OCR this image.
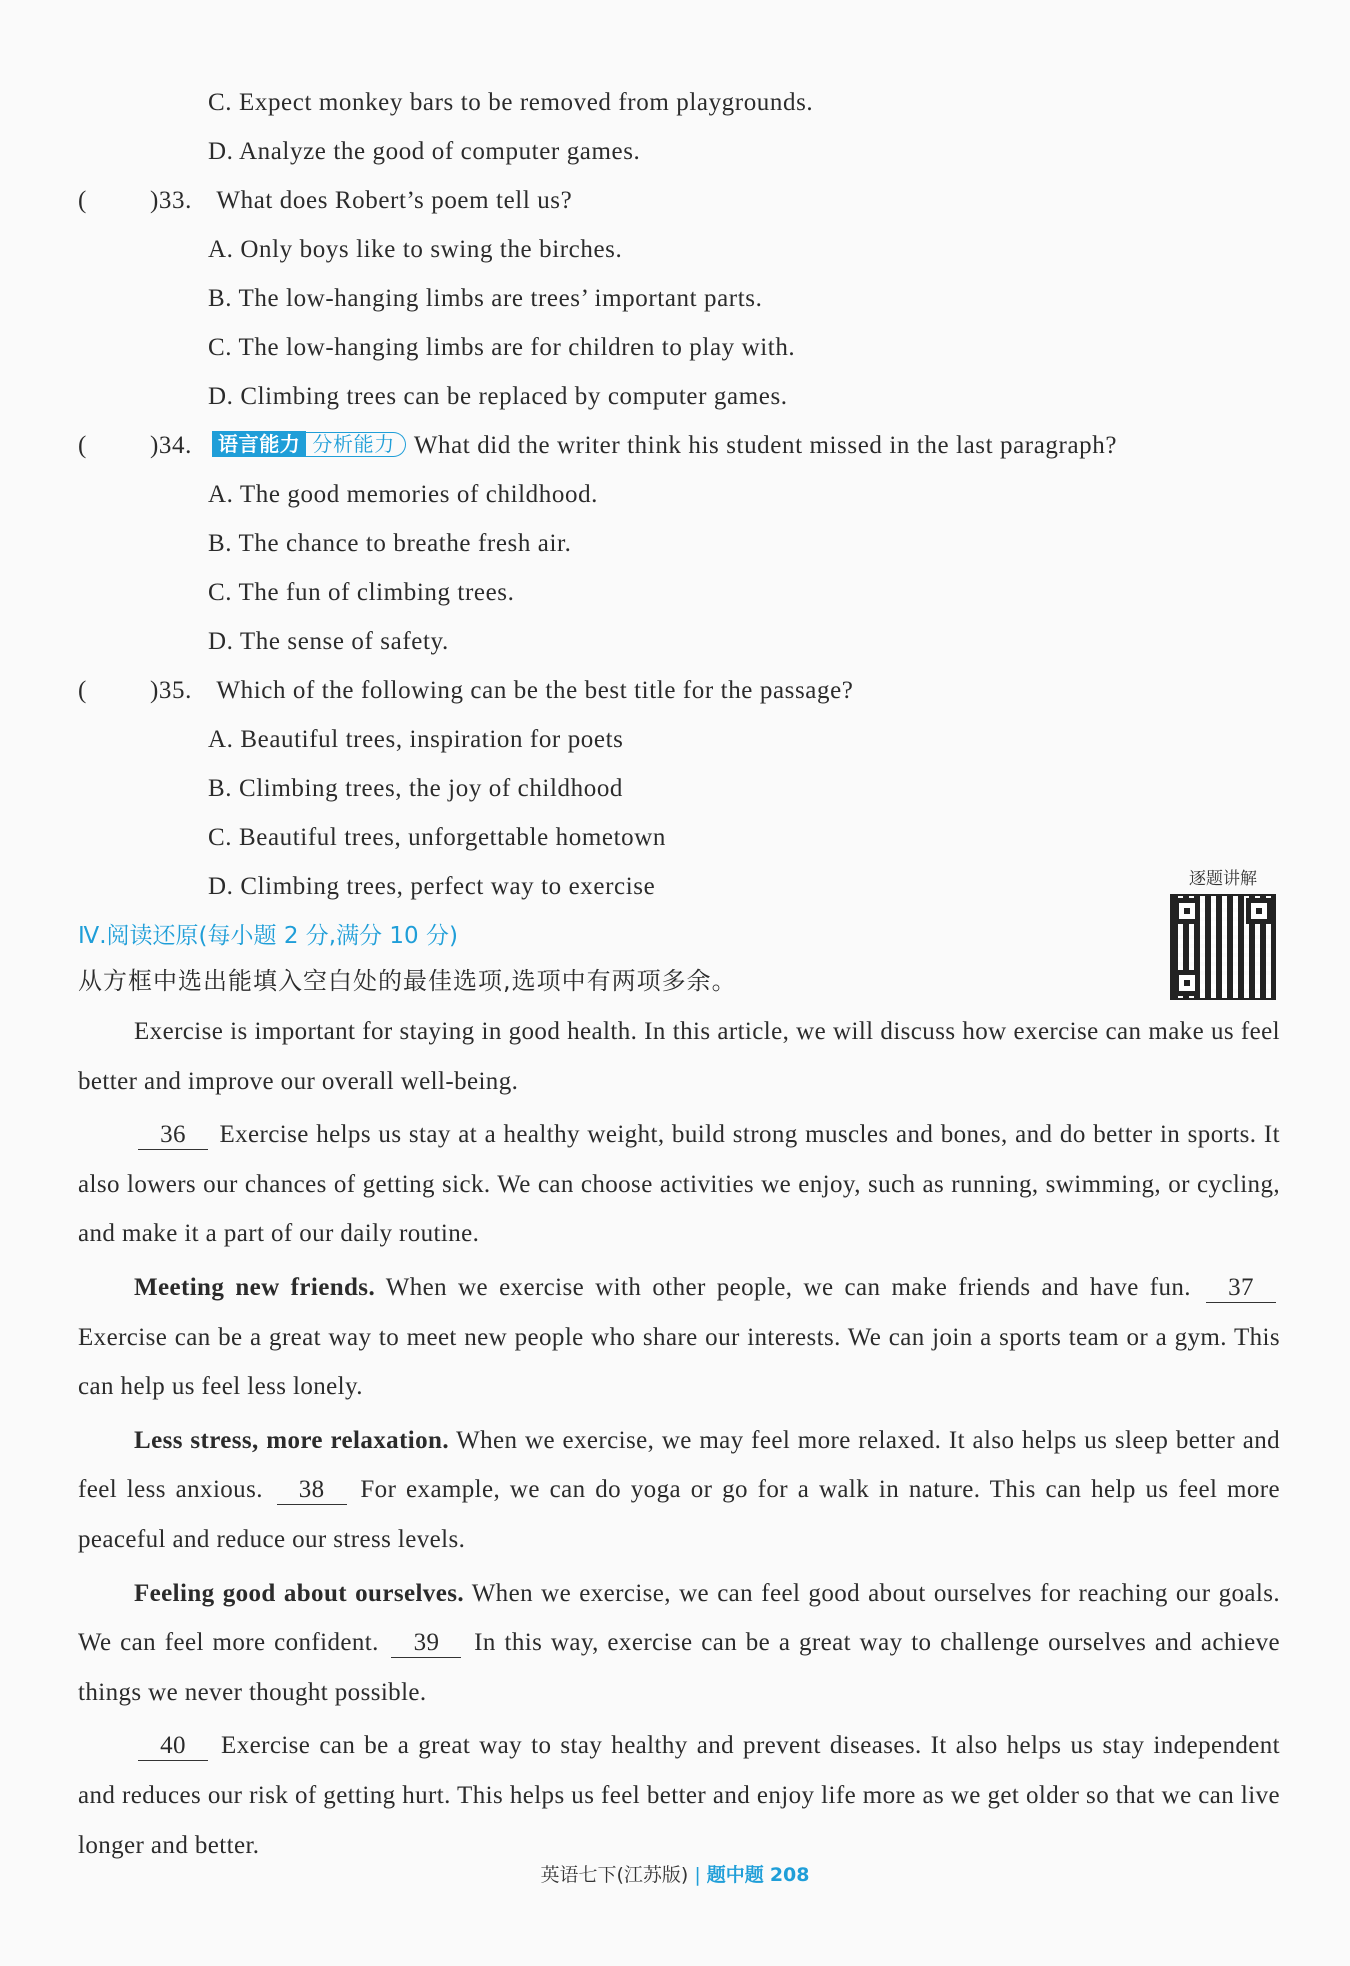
C. Expect monkey bars to be removed from playgrounds.
D. Analyze the good of computer games.
(	)33. What does Robert’s poem tell us?
A. Only boys like to swing the birches.
B. The low-hanging limbs are trees’ important parts.
C. The low-hanging limbs are for children to play with.
D. Climbing trees can be replaced by computer games.
(	)34. 语言能力 分析能力 What did the writer think his student missed in the last paragraph?
A. The good memories of childhood.
B. The chance to breathe fresh air.
C. The fun of climbing trees.
D. The sense of safety.
(	)35. Which of the following can be the best title for the passage?
A. Beautiful trees, inspiration for poets
B. Climbing trees, the joy of childhood
C. Beautiful trees, unforgettable hometown
D. Climbing trees, perfect way to exercise
Ⅳ.阅读还原(每小题 2 分,满分 10 分)
从方框中选出能填入空白处的最佳选项,选项中有两项多余。

Exercise is important for staying in good health. In this article, we will discuss how exercise can make us feel better and improve our overall well-being.

36 Exercise helps us stay at a healthy weight, build strong muscles and bones, and do better in sports. It also lowers our chances of getting sick. We can choose activities we enjoy, such as running, swimming, or cycling, and make it a part of our daily routine.

Meeting new friends. When we exercise with other people, we can make friends and have fun. 37 Exercise can be a great way to meet new people who share our interests. We can join a sports team or a gym. This can help us feel less lonely.

Less stress, more relaxation. When we exercise, we may feel more relaxed. It also helps us sleep better and feel less anxious. 38 For example, we can do yoga or go for a walk in nature. This can help us feel more peaceful and reduce our stress levels.

Feeling good about ourselves. When we exercise, we can feel good about ourselves for reaching our goals. We can feel more confident. 39 In this way, exercise can be a great way to challenge ourselves and achieve things we never thought possible.

40 Exercise can be a great way to stay healthy and prevent diseases. It also helps us stay independent and reduces our risk of getting hurt. This helps us feel better and enjoy life more as we get older so that we can live longer and better.

逐题讲解
英语七下(江苏版) | 题中题 208
